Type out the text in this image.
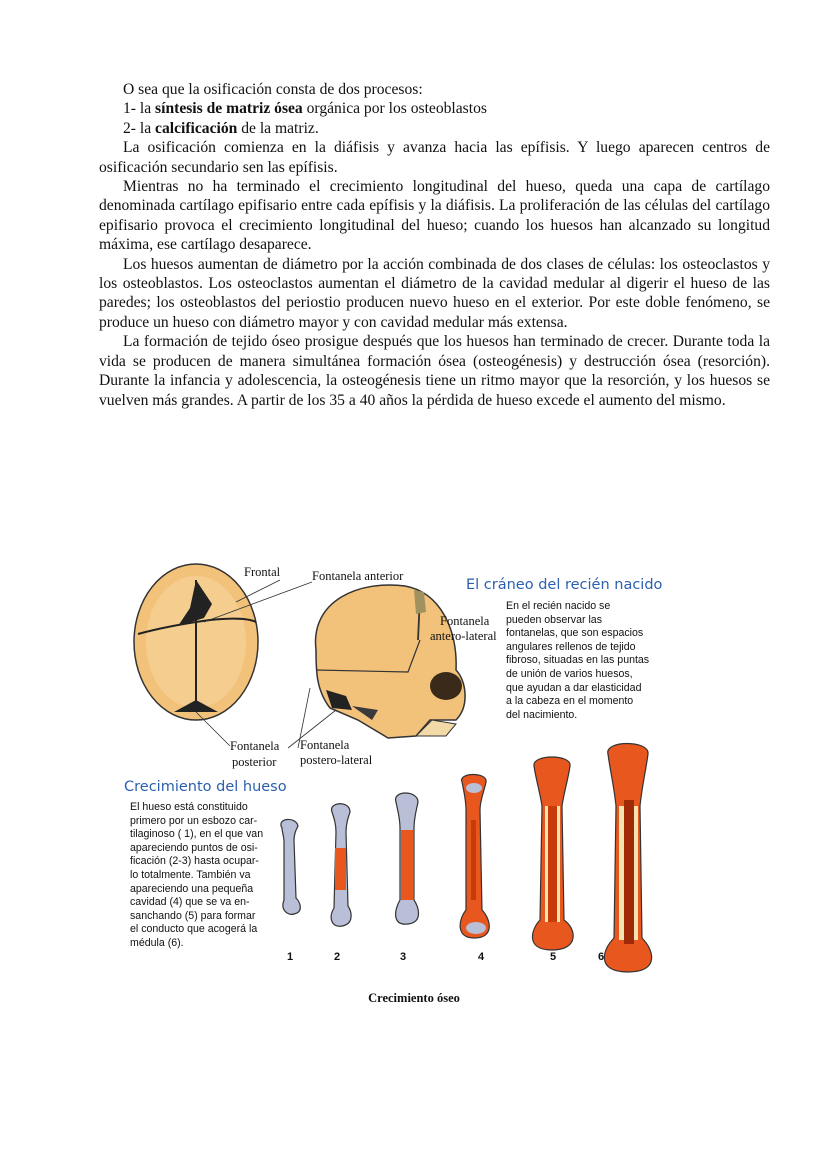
O sea que la osificación consta de dos procesos:

1- la síntesis de matriz ósea orgánica por los osteoblastos

2- la calcificación de la matriz.

La osificación comienza en la diáfisis y avanza hacia las epífisis. Y luego aparecen centros de osificación secundario sen las epífisis.

Mientras no ha terminado el crecimiento longitudinal del hueso, queda una capa de cartílago denominada cartílago epifisario entre cada epífisis y la diáfisis. La proliferación de las células del cartílago epifisario provoca el crecimiento longitudinal del hueso; cuando los huesos han alcanzado su longitud máxima, ese cartílago desaparece.

Los huesos aumentan de diámetro por la acción combinada de dos clases de células: los osteoclastos y los osteoblastos. Los osteoclastos aumentan el diámetro de la cavidad medular al digerir el hueso de las paredes; los osteoblastos del periostio producen nuevo hueso en el exterior. Por este doble fenómeno, se produce un hueso con diámetro mayor y con cavidad medular más extensa.

La formación de tejido óseo prosigue después que los huesos han terminado de crecer. Durante toda la vida se producen de manera simultánea formación ósea (osteogénesis) y destrucción ósea (resorción). Durante la infancia y adolescencia, la osteogénesis tiene un ritmo mayor que la resorción, y los huesos se vuelven más grandes. A partir de los 35 a 40 años la pérdida de hueso excede el aumento del mismo.

Frontal	Fontanela anterior
Fontanela
antero-lateral
Fontanela
posterior
Fontanela
postero-lateral
El cráneo del recién nacido
En el recién nacido se
pueden observar las
fontanelas, que son espacios
angulares rellenos de tejido
fibroso, situadas en las puntas
de unión de varios huesos,
que ayudan a dar elasticidad
a la cabeza en el momento
del nacimiento.
Crecimiento del hueso
El hueso está constituido
primero por un esbozo car-
tilaginoso ( 1), en el que van
apareciendo puntos de osi-
ficación (2-3) hasta ocupar-
lo totalmente. También va
apareciendo una pequeña
cavidad (4) que se va en-
sanchando (5) para formar
el conducto que acogerá la
médula (6).
1	2	3	4	5	6
Crecimiento óseo
